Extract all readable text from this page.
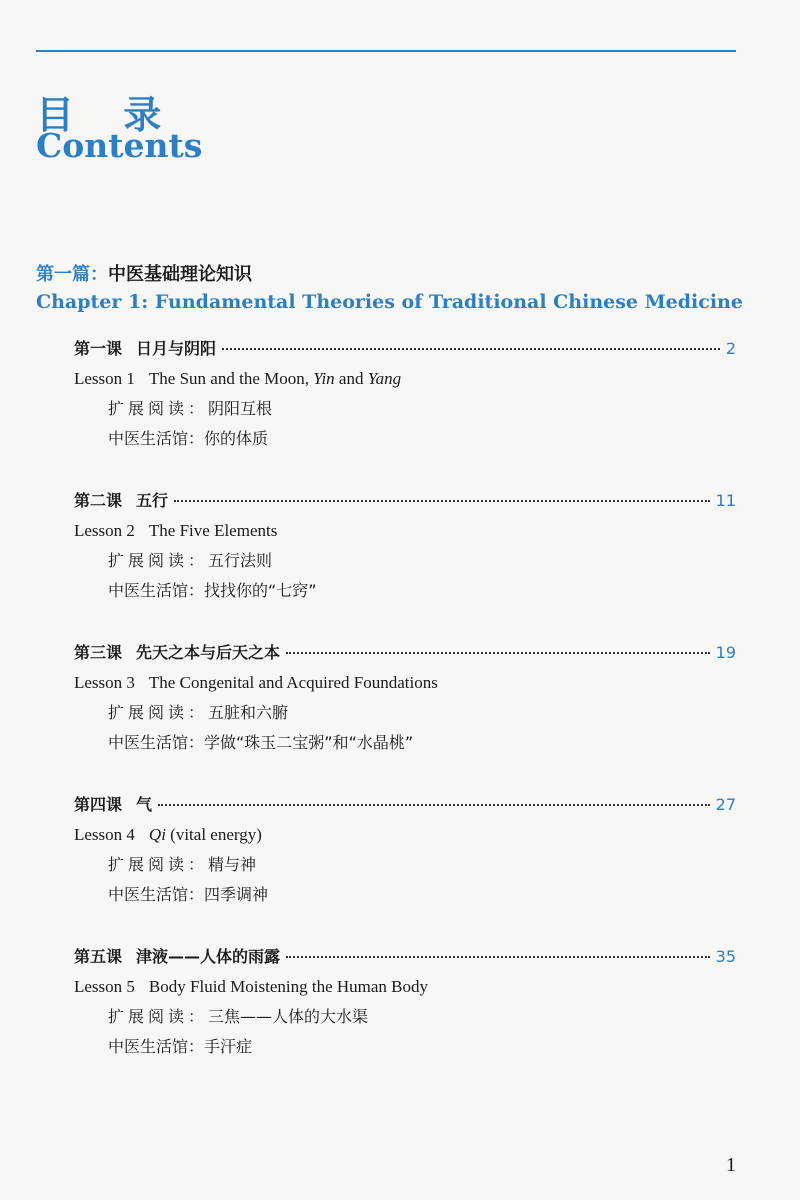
目 录
Contents
第一篇：中医基础理论知识
Chapter 1: Fundamental Theories of Traditional Chinese Medicine
第一课 日月与阴阳	2
Lesson 1 The Sun and the Moon, Yin and Yang
扩展阅读：阴阳互根
中医生活馆：你的体质
第二课 五行	11
Lesson 2 The Five Elements
扩展阅读：五行法则
中医生活馆：找找你的“七窍”
第三课 先天之本与后天之本	19
Lesson 3 The Congenital and Acquired Foundations
扩展阅读：五脏和六腑
中医生活馆：学做“珠玉二宝粥”和“水晶桃”
第四课 气	27
Lesson 4 Qi (vital energy)
扩展阅读：精与神
中医生活馆：四季调神
第五课 津液——人体的雨露	35
Lesson 5 Body Fluid Moistening the Human Body
扩展阅读：三焦——人体的大水渠
中医生活馆：手汗症
1
